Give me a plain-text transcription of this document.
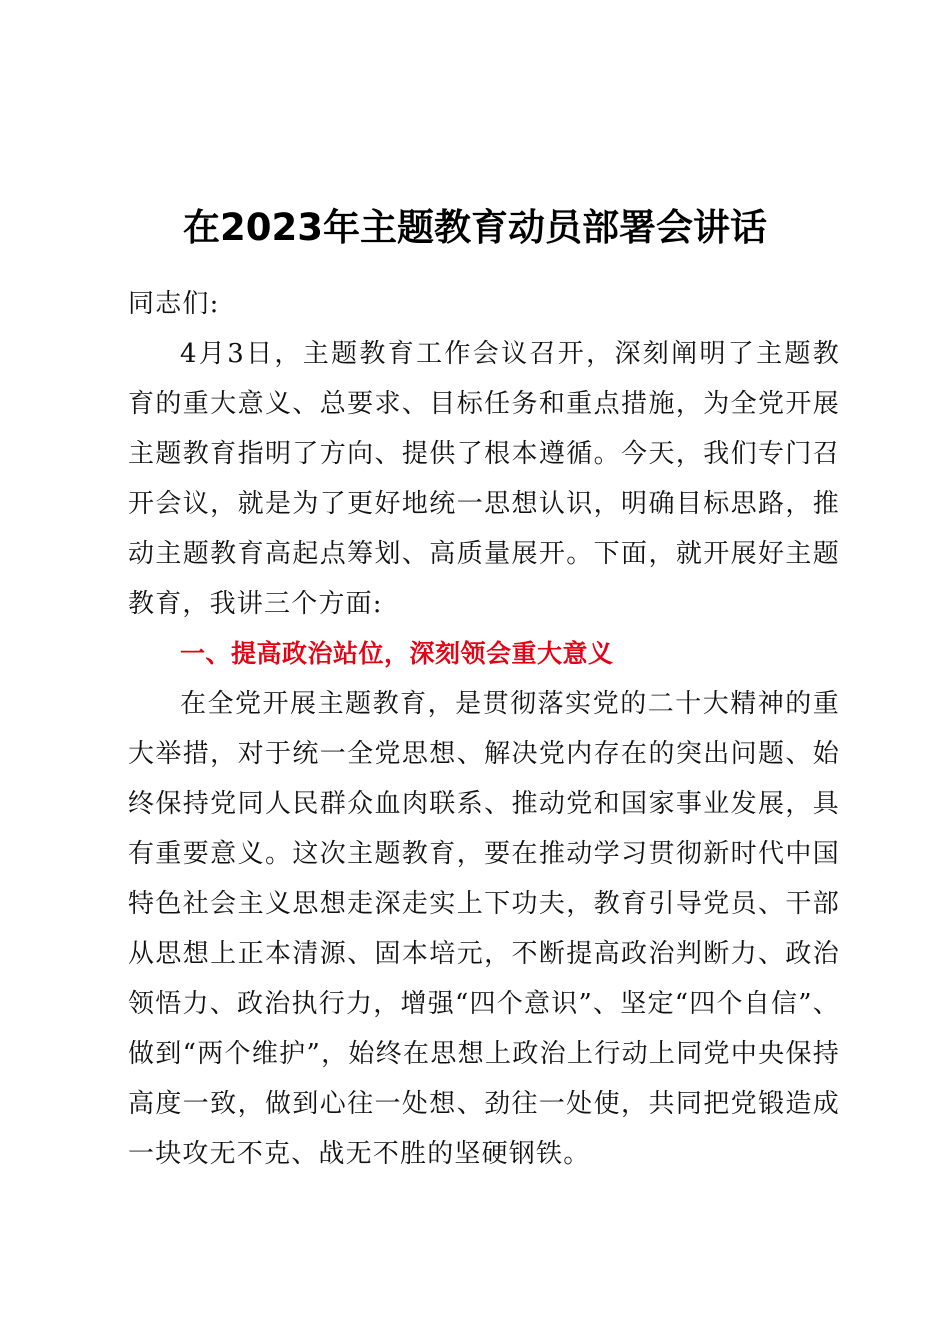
在2023年主题教育动员部署会讲话

同志们:

4月3日，主题教育工作会议召开，深刻阐明了主题教育的重大意义、总要求、目标任务和重点措施，为全党开展主题教育指明了方向、提供了根本遵循。今天，我们专门召开会议，就是为了更好地统一思想认识，明确目标思路，推动主题教育高起点筹划、高质量展开。下面，就开展好主题教育，我讲三个方面:

一、提高政治站位，深刻领会重大意义

在全党开展主题教育，是贯彻落实党的二十大精神的重大举措，对于统一全党思想、解决党内存在的突出问题、始终保持党同人民群众血肉联系、推动党和国家事业发展，具有重要意义。这次主题教育，要在推动学习贯彻新时代中国特色社会主义思想走深走实上下功夫，教育引导党员、干部从思想上正本清源、固本培元，不断提高政治判断力、政治领悟力、政治执行力，增强“四个意识”、坚定“四个自信”、做到“两个维护”，始终在思想上政治上行动上同党中央保持高度一致，做到心往一处想、劲往一处使，共同把党锻造成一块攻无不克、战无不胜的坚硬钢铁。
